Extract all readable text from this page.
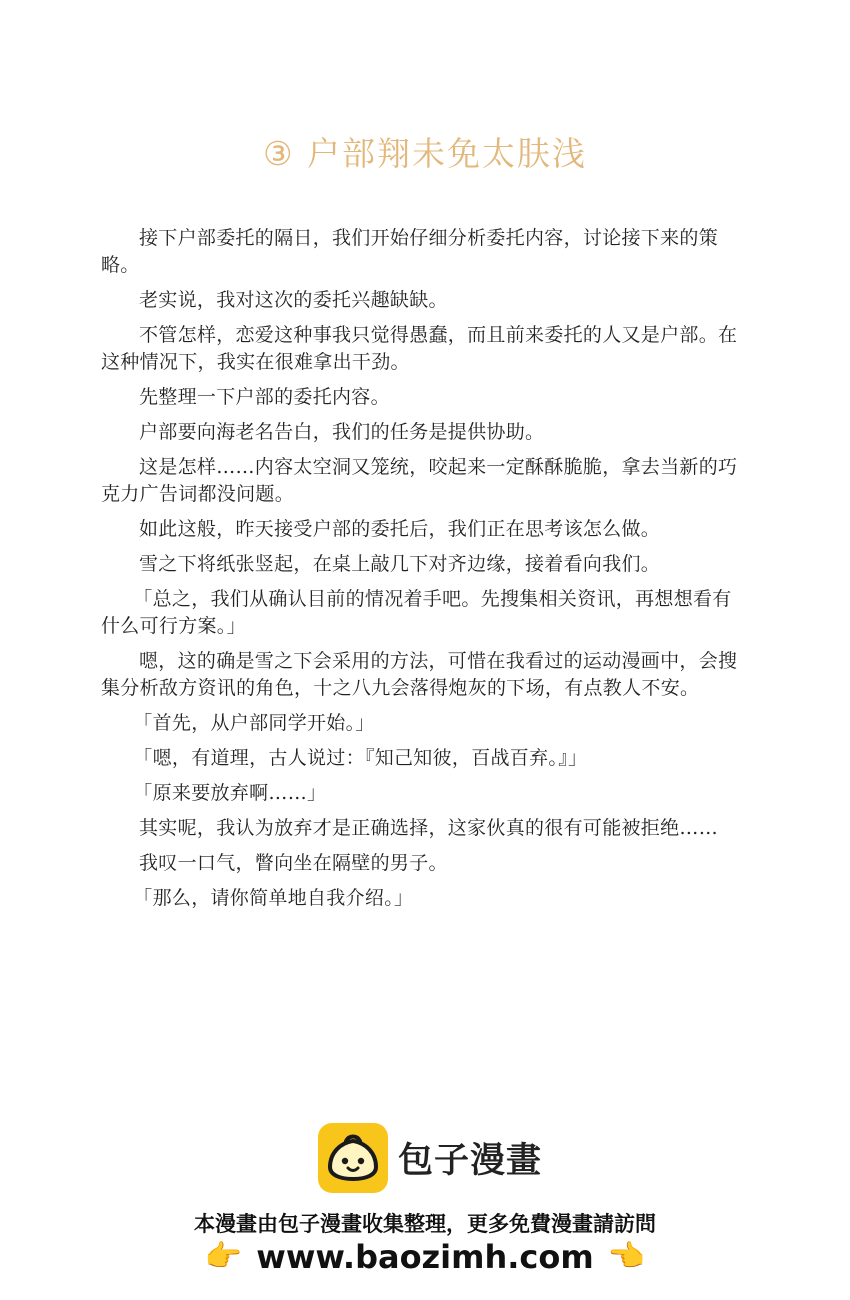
③ 户部翔未免太肤浅

接下户部委托的隔日，我们开始仔细分析委托内容，讨论接下来的策略。

老实说，我对这次的委托兴趣缺缺。

不管怎样，恋爱这种事我只觉得愚蠢，而且前来委托的人又是户部。在这种情况下，我实在很难拿出干劲。

先整理一下户部的委托内容。

户部要向海老名告白，我们的任务是提供协助。

这是怎样……内容太空洞又笼统，咬起来一定酥酥脆脆，拿去当新的巧克力广告词都没问题。

如此这般，昨天接受户部的委托后，我们正在思考该怎么做。

雪之下将纸张竖起，在桌上敲几下对齐边缘，接着看向我们。

「总之，我们从确认目前的情况着手吧。先搜集相关资讯，再想想看有什么可行方案。」

嗯，这的确是雪之下会采用的方法，可惜在我看过的运动漫画中，会搜集分析敌方资讯的角色，十之八九会落得炮灰的下场，有点教人不安。

「首先，从户部同学开始。」

「嗯，有道理，古人说过：『知己知彼，百战百弃。』」

「原来要放弃啊……」

其实呢，我认为放弃才是正确选择，这家伙真的很有可能被拒绝……

我叹一口气，瞥向坐在隔壁的男子。

「那么，请你简单地自我介绍。」

包子漫畫
本漫畫由包子漫畫收集整理，更多免費漫畫請訪問
👉 www.baozimh.com 👈
